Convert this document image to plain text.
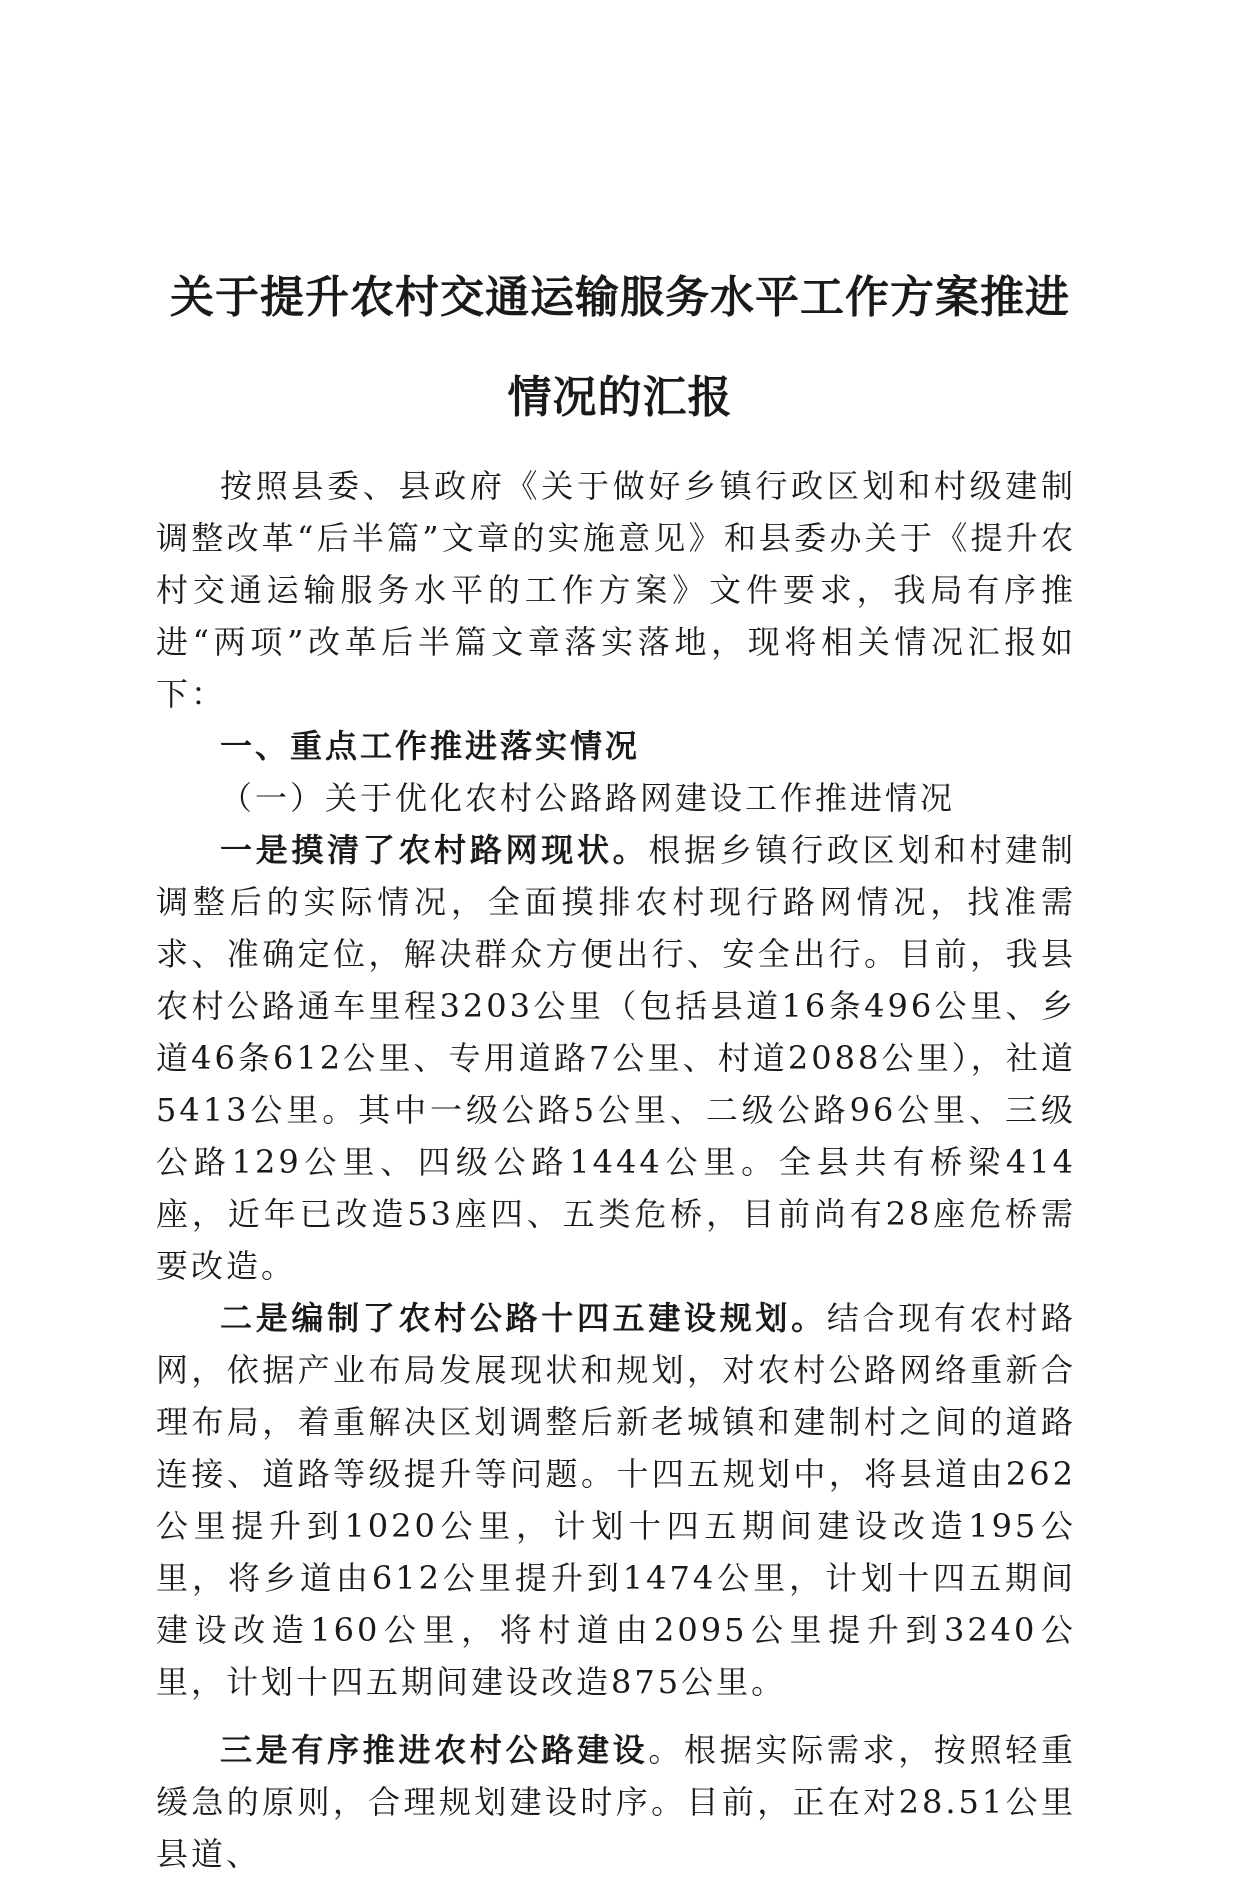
关于提升农村交通运输服务水平工作方案推进
情况的汇报

按照县委、县政府《关于做好乡镇行政区划和村级建制调整改革“后半篇”文章的实施意见》和县委办关于《提升农村交通运输服务水平的工作方案》文件要求，我局有序推进“两项”改革后半篇文章落实落地，现将相关情况汇报如下：

一、重点工作推进落实情况

（一）关于优化农村公路路网建设工作推进情况

一是摸清了农村路网现状。根据乡镇行政区划和村建制调整后的实际情况，全面摸排农村现行路网情况，找准需求、准确定位，解决群众方便出行、安全出行。目前，我县农村公路通车里程3203公里（包括县道16条496公里、乡道46条612公里、专用道路7公里、村道2088公里），社道5413公里。其中一级公路5公里、二级公路96公里、三级公路129公里、四级公路1444公里。全县共有桥梁414座，近年已改造53座四、五类危桥，目前尚有28座危桥需要改造。

二是编制了农村公路十四五建设规划。结合现有农村路网，依据产业布局发展现状和规划，对农村公路网络重新合理布局，着重解决区划调整后新老城镇和建制村之间的道路连接、道路等级提升等问题。十四五规划中，将县道由262公里提升到1020公里，计划十四五期间建设改造195公里，将乡道由612公里提升到1474公里，计划十四五期间建设改造160公里，将村道由2095公里提升到3240公里，计划十四五期间建设改造875公里。

三是有序推进农村公路建设。根据实际需求，按照轻重缓急的原则，合理规划建设时序。目前，正在对28.51公里县道、
